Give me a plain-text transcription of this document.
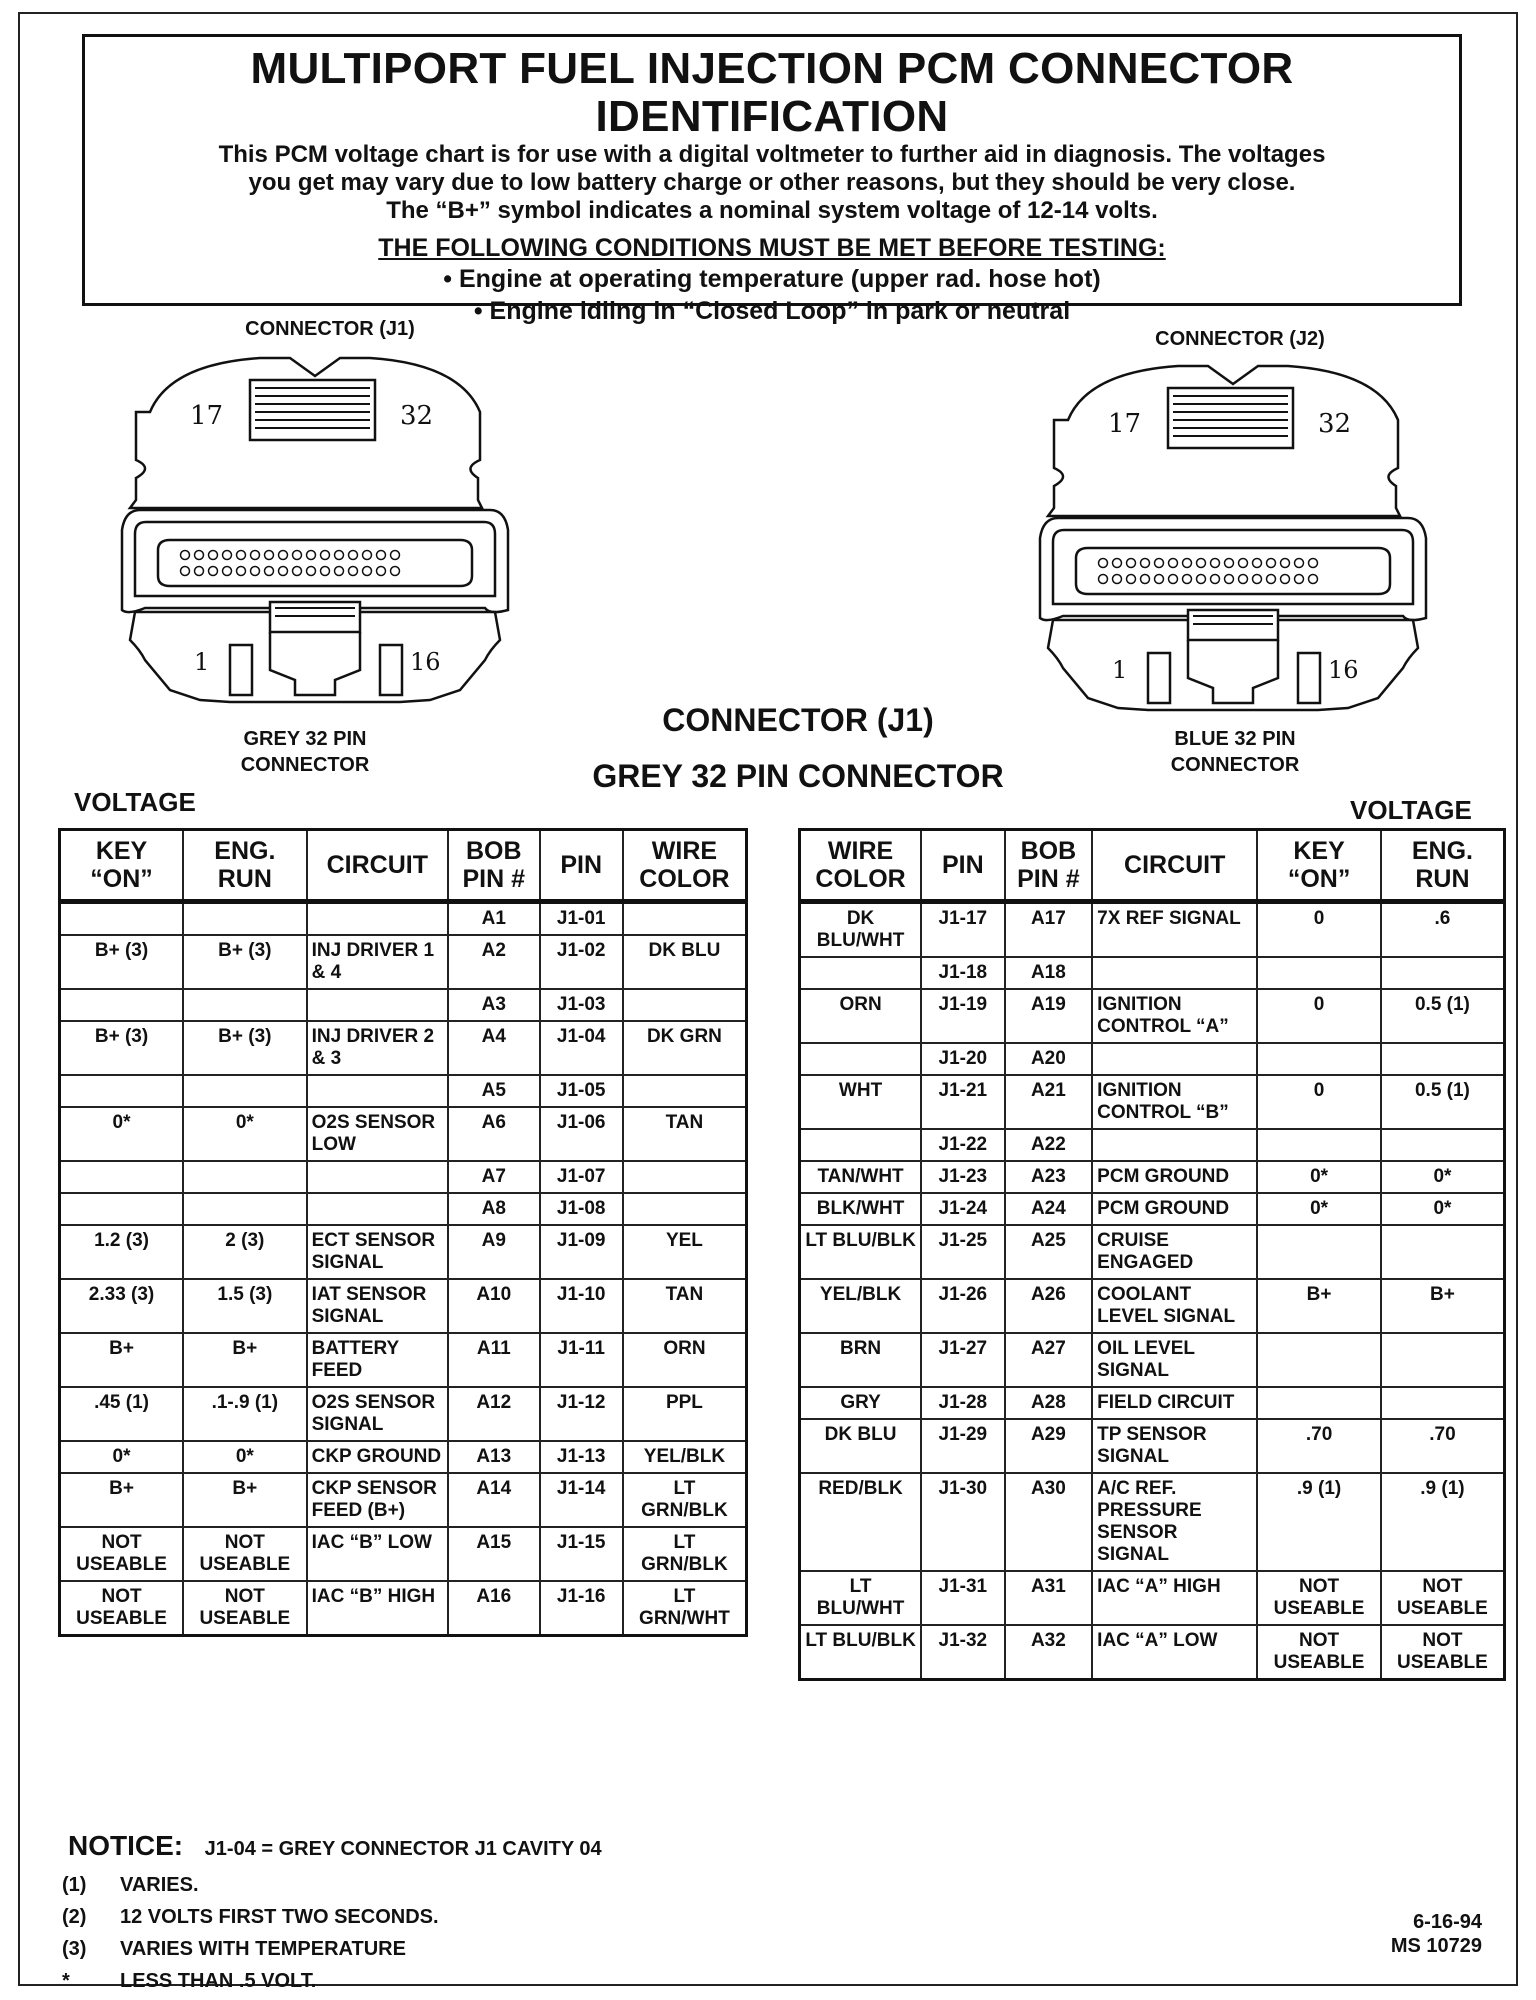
MULTIPORT FUEL INJECTION PCM CONNECTOR IDENTIFICATION
This PCM voltage chart is for use with a digital voltmeter to further aid in diagnosis. The voltages
you get may vary due to low battery charge or other reasons, but they should be very close.
The “B+” symbol indicates a nominal system voltage of 12-14 volts.
THE FOLLOWING CONDITIONS MUST BE MET BEFORE TESTING:
• Engine at operating temperature (upper rad. hose hot)
• Engine idling in “Closed Loop” in park or neutral
CONNECTOR (J1)
17	32
1	16
GREY 32 PIN
CONNECTOR
CONNECTOR (J2)
17	32
1	16
BLUE 32 PIN
CONNECTOR
CONNECTOR (J1)
GREY 32 PIN CONNECTOR
VOLTAGE	VOLTAGE
KEY “ON”	ENG. RUN	CIRCUIT	BOB PIN #	PIN	WIRE COLOR
			A1	J1-01	
B+ (3)	B+ (3)	INJ DRIVER 1 & 4	A2	J1-02	DK BLU
			A3	J1-03	
B+ (3)	B+ (3)	INJ DRIVER 2 & 3	A4	J1-04	DK GRN
			A5	J1-05	
0*	0*	O2S SENSOR LOW	A6	J1-06	TAN
			A7	J1-07	
			A8	J1-08	
1.2 (3)	2 (3)	ECT SENSOR SIGNAL	A9	J1-09	YEL
2.33 (3)	1.5 (3)	IAT SENSOR SIGNAL	A10	J1-10	TAN
B+	B+	BATTERY FEED	A11	J1-11	ORN
.45 (1)	.1-.9 (1)	O2S SENSOR SIGNAL	A12	J1-12	PPL
0*	0*	CKP GROUND	A13	J1-13	YEL/BLK
B+	B+	CKP SENSOR FEED (B+)	A14	J1-14	LT GRN/BLK
NOT USEABLE	NOT USEABLE	IAC “B” LOW	A15	J1-15	LT GRN/BLK
NOT USEABLE	NOT USEABLE	IAC “B” HIGH	A16	J1-16	LT GRN/WHT
WIRE COLOR	PIN	BOB PIN #	CIRCUIT	KEY “ON”	ENG. RUN
DK BLU/WHT	J1-17	A17	7X REF SIGNAL	0	.6
	J1-18	A18			
ORN	J1-19	A19	IGNITION CONTROL “A”	0	0.5 (1)
	J1-20	A20			
WHT	J1-21	A21	IGNITION CONTROL “B”	0	0.5 (1)
	J1-22	A22			
TAN/WHT	J1-23	A23	PCM GROUND	0*	0*
BLK/WHT	J1-24	A24	PCM GROUND	0*	0*
LT BLU/BLK	J1-25	A25	CRUISE ENGAGED		
YEL/BLK	J1-26	A26	COOLANT LEVEL SIGNAL	B+	B+
BRN	J1-27	A27	OIL LEVEL SIGNAL		
GRY	J1-28	A28	FIELD CIRCUIT		
DK BLU	J1-29	A29	TP SENSOR SIGNAL	.70	.70
RED/BLK	J1-30	A30	A/C REF. PRESSURE SENSOR SIGNAL	.9 (1)	.9 (1)
LT BLU/WHT	J1-31	A31	IAC “A” HIGH	NOT USEABLE	NOT USEABLE
LT BLU/BLK	J1-32	A32	IAC “A” LOW	NOT USEABLE	NOT USEABLE
NOTICE: J1-04 = GREY CONNECTOR J1 CAVITY 04
(1) VARIES.
(2) 12 VOLTS FIRST TWO SECONDS.
(3) VARIES WITH TEMPERATURE
*	LESS THAN .5 VOLT.
6-16-94
MS 10729
